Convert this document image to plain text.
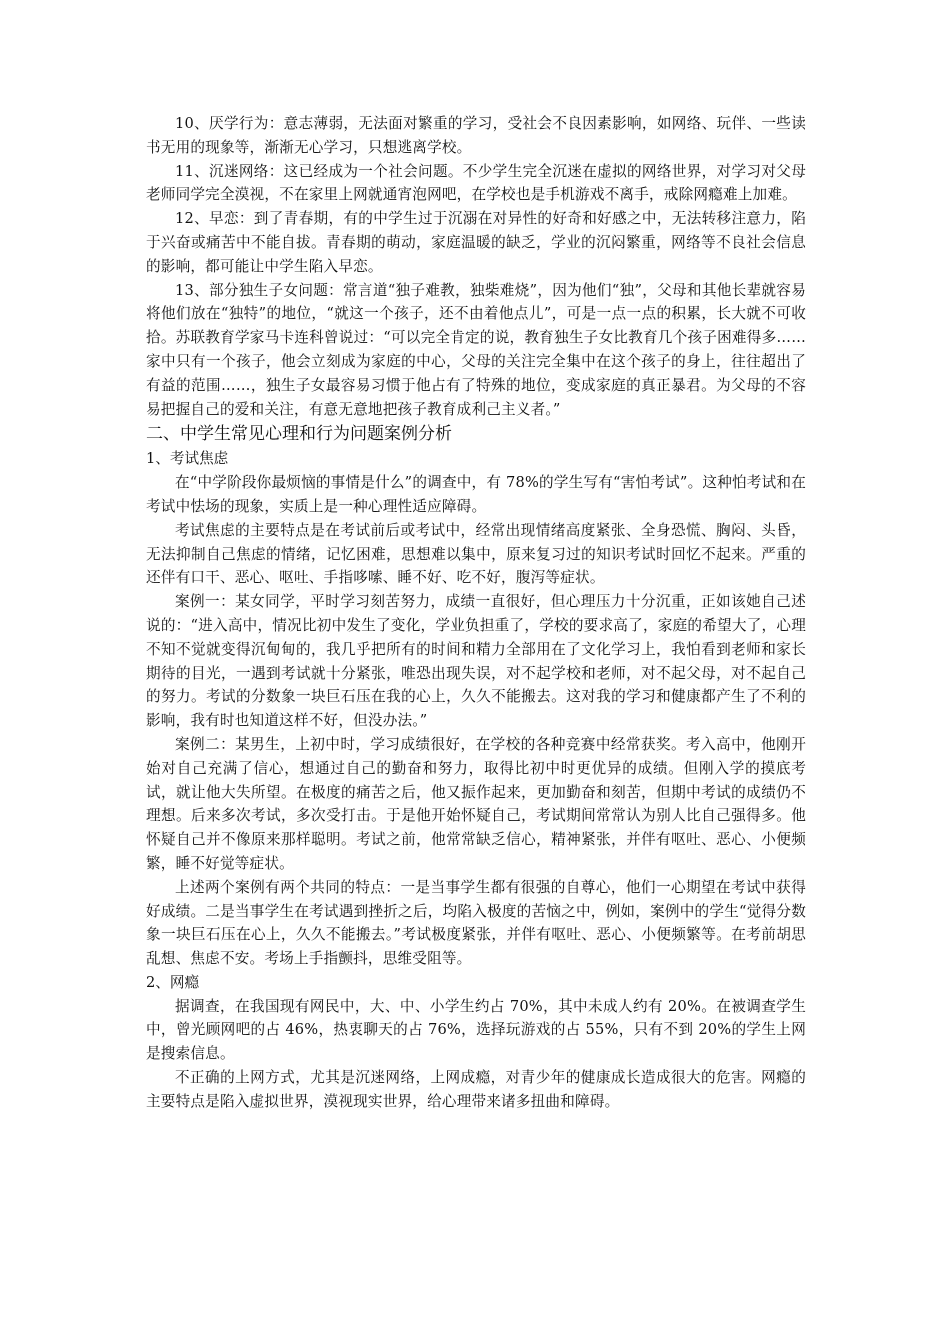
10、厌学行为：意志薄弱，无法面对繁重的学习，受社会不良因素影响，如网络、玩伴、一些读书无用的现象等，渐渐无心学习，只想逃离学校。

11、沉迷网络：这已经成为一个社会问题。不少学生完全沉迷在虚拟的网络世界，对学习对父母老师同学完全漠视，不在家里上网就通宵泡网吧，在学校也是手机游戏不离手，戒除网瘾难上加难。

12、早恋：到了青春期，有的中学生过于沉溺在对异性的好奇和好感之中，无法转移注意力，陷于兴奋或痛苦中不能自拔。青春期的萌动，家庭温暖的缺乏，学业的沉闷繁重，网络等不良社会信息的影响，都可能让中学生陷入早恋。

13、部分独生子女问题：常言道“独子难教，独柴难烧”，因为他们“独”，父母和其他长辈就容易将他们放在“独特”的地位，“就这一个孩子，还不由着他点儿”，可是一点一点的积累，长大就不可收拾。苏联教育学家马卡连科曾说过：“可以完全肯定的说，教育独生子女比教育几个孩子困难得多……家中只有一个孩子，他会立刻成为家庭的中心，父母的关注完全集中在这个孩子的身上，往往超出了有益的范围……，独生子女最容易习惯于他占有了特殊的地位，变成家庭的真正暴君。为父母的不容易把握自己的爱和关注，有意无意地把孩子教育成利己主义者。”

二、中学生常见心理和行为问题案例分析
1、考试焦虑

在“中学阶段你最烦恼的事情是什么”的调查中，有 78%的学生写有“害怕考试”。这种怕考试和在考试中怯场的现象，实质上是一种心理性适应障碍。

考试焦虑的主要特点是在考试前后或考试中，经常出现情绪高度紧张、全身恐慌、胸闷、头昏，无法抑制自己焦虑的情绪，记忆困难，思想难以集中，原来复习过的知识考试时回忆不起来。严重的还伴有口干、恶心、呕吐、手指哆嗦、睡不好、吃不好，腹泻等症状。

案例一：某女同学，平时学习刻苦努力，成绩一直很好，但心理压力十分沉重，正如该她自己述说的：“进入高中，情况比初中发生了变化，学业负担重了，学校的要求高了，家庭的希望大了，心理不知不觉就变得沉甸甸的，我几乎把所有的时间和精力全部用在了文化学习上，我怕看到老师和家长期待的目光，一遇到考试就十分紧张，唯恐出现失误，对不起学校和老师，对不起父母，对不起自己的努力。考试的分数象一块巨石压在我的心上，久久不能搬去。这对我的学习和健康都产生了不利的影响，我有时也知道这样不好，但没办法。”

案例二：某男生，上初中时，学习成绩很好，在学校的各种竞赛中经常获奖。考入高中，他刚开始对自己充满了信心，想通过自己的勤奋和努力，取得比初中时更优异的成绩。但刚入学的摸底考试，就让他大失所望。在极度的痛苦之后，他又振作起来，更加勤奋和刻苦，但期中考试的成绩仍不理想。后来多次考试，多次受打击。于是他开始怀疑自己，考试期间常常认为别人比自己强得多。他怀疑自己并不像原来那样聪明。考试之前，他常常缺乏信心，精神紧张，并伴有呕吐、恶心、小便频繁，睡不好觉等症状。

上述两个案例有两个共同的特点：一是当事学生都有很强的自尊心，他们一心期望在考试中获得好成绩。二是当事学生在考试遇到挫折之后，均陷入极度的苦恼之中，例如，案例中的学生“觉得分数象一块巨石压在心上，久久不能搬去。”考试极度紧张，并伴有呕吐、恶心、小便频繁等。在考前胡思乱想、焦虑不安。考场上手指颤抖，思维受阻等。

2、网瘾

据调查，在我国现有网民中，大、中、小学生约占 70%，其中未成人约有 20%。在被调查学生中，曾光顾网吧的占 46%，热衷聊天的占 76%，选择玩游戏的占 55%，只有不到 20%的学生上网是搜索信息。

不正确的上网方式，尤其是沉迷网络，上网成瘾，对青少年的健康成长造成很大的危害。网瘾的主要特点是陷入虚拟世界，漠视现实世界，给心理带来诸多扭曲和障碍。
